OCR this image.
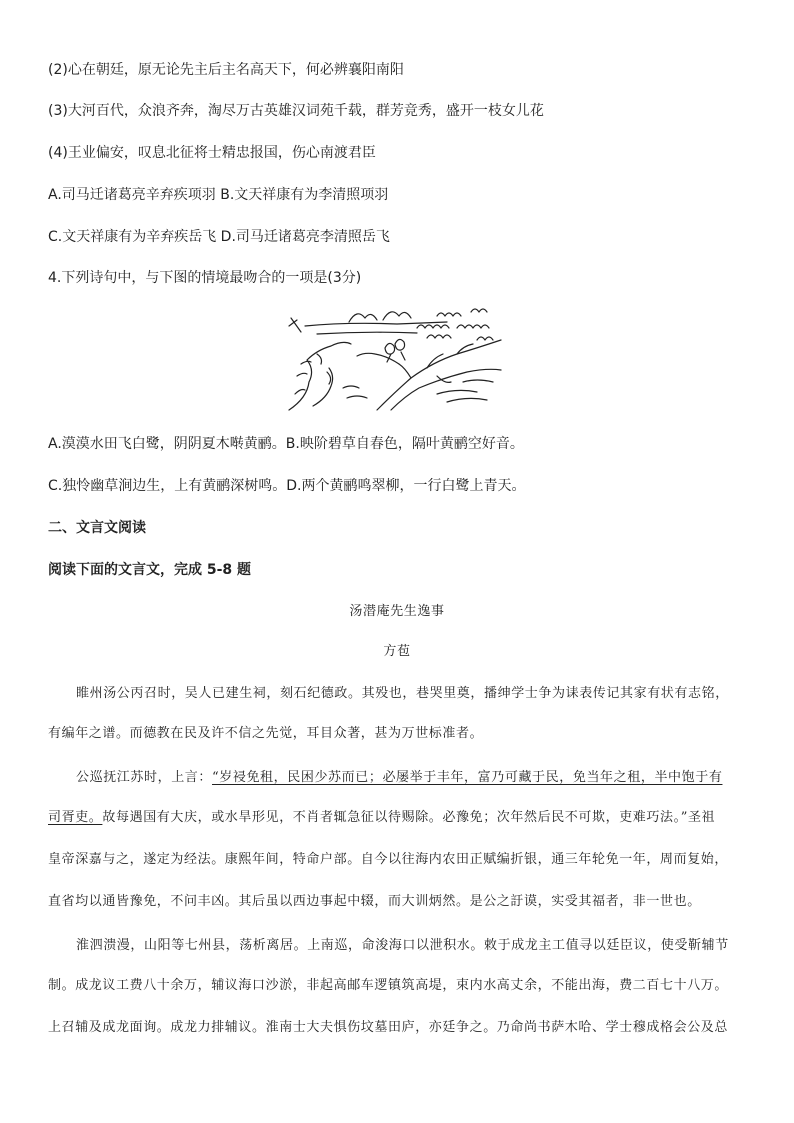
(2)心在朝廷，原无论先主后主名高天下，何必辨襄阳南阳
(3)大河百代，众浪齐奔，淘尽万古英雄汉词苑千载，群芳竞秀，盛开一枝女儿花
(4)王业偏安，叹息北征将士精忠报国，伤心南渡君臣
A.司马迁诸葛亮辛弃疾项羽 B.文天祥康有为李清照项羽
C.文天祥康有为辛弃疾岳飞 D.司马迁诸葛亮李清照岳飞
4.下列诗句中，与下图的情境最吻合的一项是(3分)
A.漠漠水田飞白鹭，阴阴夏木啭黄鹂。B.映阶碧草自春色，隔叶黄鹂空好音。
C.独怜幽草涧边生，上有黄鹂深树鸣。D.两个黄鹂鸣翠柳，一行白鹭上青天。
二、文言文阅读
阅读下面的文言文，完成 5-8 题
汤潜庵先生逸事
方苞
睢州汤公丙召时，吴人已建生祠，刻石纪德政。其殁也，巷哭里奠，播绅学士争为诔表传记其家有状有志铭，
有编年之谱。而德教在民及许不信之先觉，耳目众著，甚为万世标准者。
公巡抚江苏时，上言：“岁祲免租，民困少苏而已；必屡举于丰年，富乃可藏于民，免当年之租，半中饱于有
司胥吏。故每遇国有大庆，或水旱形见，不肖者辄急征以待赐除。必豫免；次年然后民不可欺，吏难巧法。”圣祖
皇帝深嘉与之，遂定为经法。康熙年间，特命户部。自今以往海内农田正赋编折银，通三年轮免一年，周而复始，
直省均以通皆豫免，不问丰凶。其后虽以西边事起中辍，而大训炳然。是公之訏谟，实受其福者，非一世也。
淮泗溃漫，山阳等七州县，荡析离居。上南巡，命浚海口以泄积水。敕于成龙主工值寻以廷臣议，使受靳辅节
制。成龙议工费八十余万，辅议海口沙淤，非起高邮车逻镇筑高堤，束内水高丈余，不能出海，费二百七十八万。
上召辅及成龙面询。成龙力排辅议。淮南士大夫惧伤坟墓田庐，亦廷争之。乃命尚书萨木哈、学士穆成格会公及总
